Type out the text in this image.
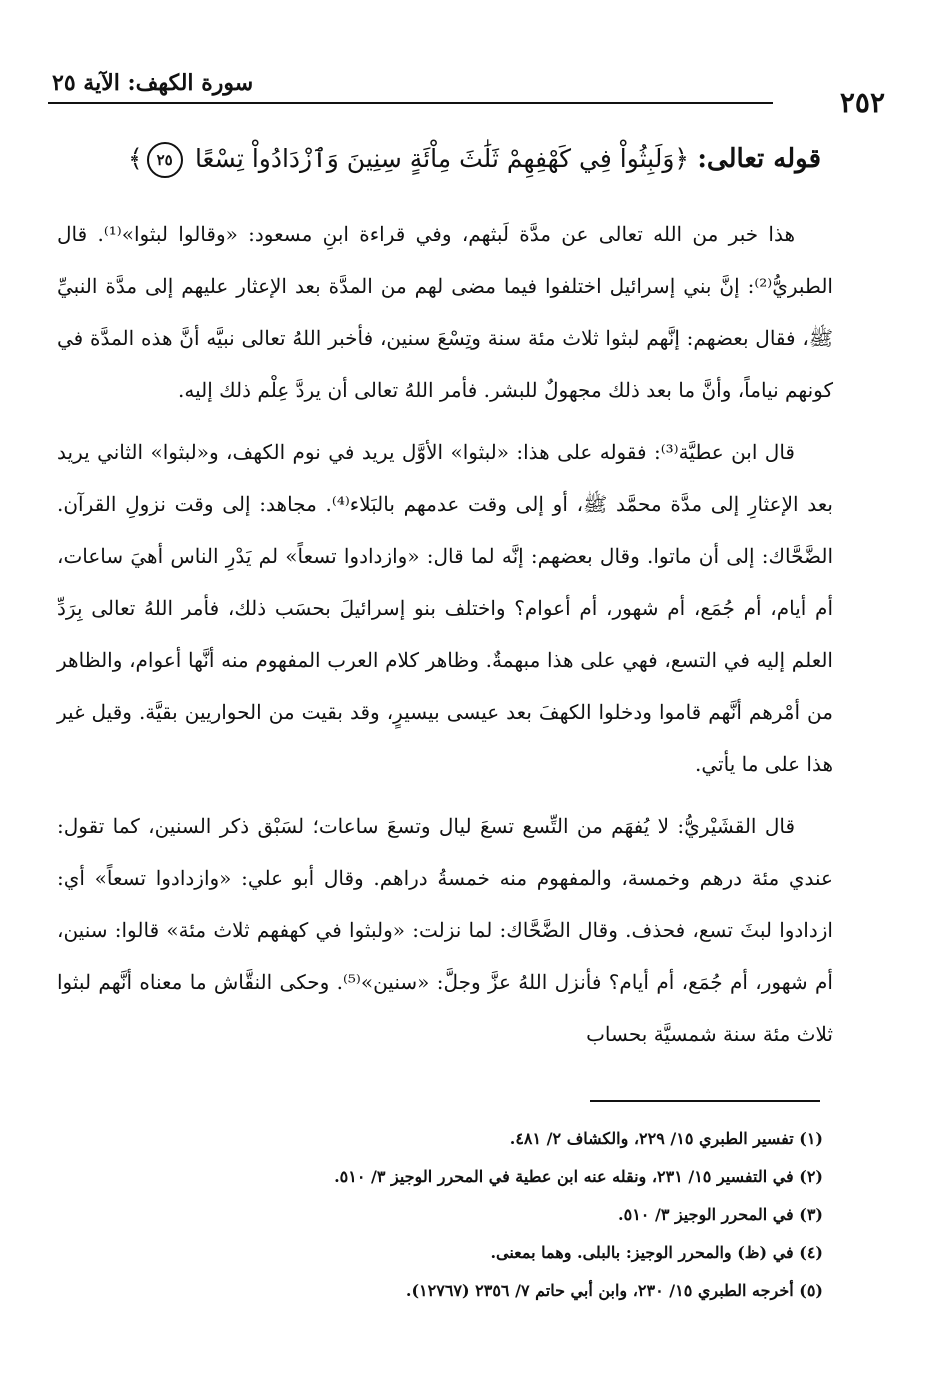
سورة الكهف: الآية ٢٥
٢٥٢
قوله تعالى: ﴿وَلَبِثُواْ فِي كَهْفِهِمْ ثَلَٰثَ مِاْئَةٍ سِنِينَ وَٱزْدَادُواْ تِسْعًا ٢٥﴾

هذا خبر من الله تعالى عن مدَّة لَبثهم، وفي قراءة ابنِ مسعود: «وقالوا لبثوا»⁽¹⁾. قال الطبريُّ⁽²⁾: إنَّ بني إسرائيل اختلفوا فيما مضى لهم من المدَّة بعد الإعثار عليهم إلى مدَّة النبيِّ ﷺ، فقال بعضهم: إنَّهم لبثوا ثلاث مئة سنة وتِسْعَ سنين، فأخبر اللهُ تعالى نبيَّه أنَّ هذه المدَّة في كونهم نياماً، وأنَّ ما بعد ذلك مجهولٌ للبشر. فأمر اللهُ تعالى أن يردَّ عِلْم ذلك إليه.

قال ابن عطيَّة⁽³⁾: فقوله على هذا: «لبثوا» الأوَّل يريد في نوم الكهف، و«لبثوا» الثاني يريد بعد الإعثارِ إلى مدَّة محمَّد ﷺ، أو إلى وقت عدمهم بالبَلاء⁽⁴⁾. مجاهد: إلى وقت نزولِ القرآن. الضَّحَّاك: إلى أن ماتوا. وقال بعضهم: إنَّه لما قال: «وازدادوا تسعاً» لم يَدْرِ الناس أهيَ ساعات، أم أيام، أم جُمَع، أم شهور، أم أعوام؟ واختلف بنو إسرائيلَ بحسَب ذلك، فأمر اللهُ تعالى بِرَدِّ العلم إليه في التسع، فهي على هذا مبهمةٌ. وظاهر كلام العرب المفهوم منه أنَّها أعوام، والظاهر من أمْرهم أنَّهم قاموا ودخلوا الكهفَ بعد عيسى بيسيرٍ، وقد بقيت من الحواريين بقيَّة. وقيل غير هذا على ما يأتي.

قال القشَيْريُّ: لا يُفهَم من التِّسع تسعَ ليال وتسعَ ساعات؛ لسَبْق ذكر السنين، كما تقول: عندي مئة درهم وخمسة، والمفهوم منه خمسةُ دراهم. وقال أبو علي: «وازدادوا تسعاً» أي: ازدادوا لبثَ تسع، فحذف. وقال الضَّحَّاك: لما نزلت: «ولبثوا في كهفهم ثلاث مئة» قالوا: سنين، أم شهور، أم جُمَع، أم أيام؟ فأنزل اللهُ عزَّ وجلَّ: «سنين»⁽⁵⁾. وحكى النقَّاش ما معناه أنَّهم لبثوا ثلاث مئة سنة شمسيَّة بحساب

(١) تفسير الطبري ١٥/ ٢٢٩، والكشاف ٢/ ٤٨١.

(٢) في التفسير ١٥/ ٢٣١، ونقله عنه ابن عطية في المحرر الوجيز ٣/ ٥١٠.

(٣) في المحرر الوجيز ٣/ ٥١٠.

(٤) في (ظ) والمحرر الوجيز: بالبلى. وهما بمعنى.

(٥) أخرجه الطبري ١٥/ ٢٣٠، وابن أبي حاتم ٧/ ٢٣٥٦ (١٢٧٦٧).
